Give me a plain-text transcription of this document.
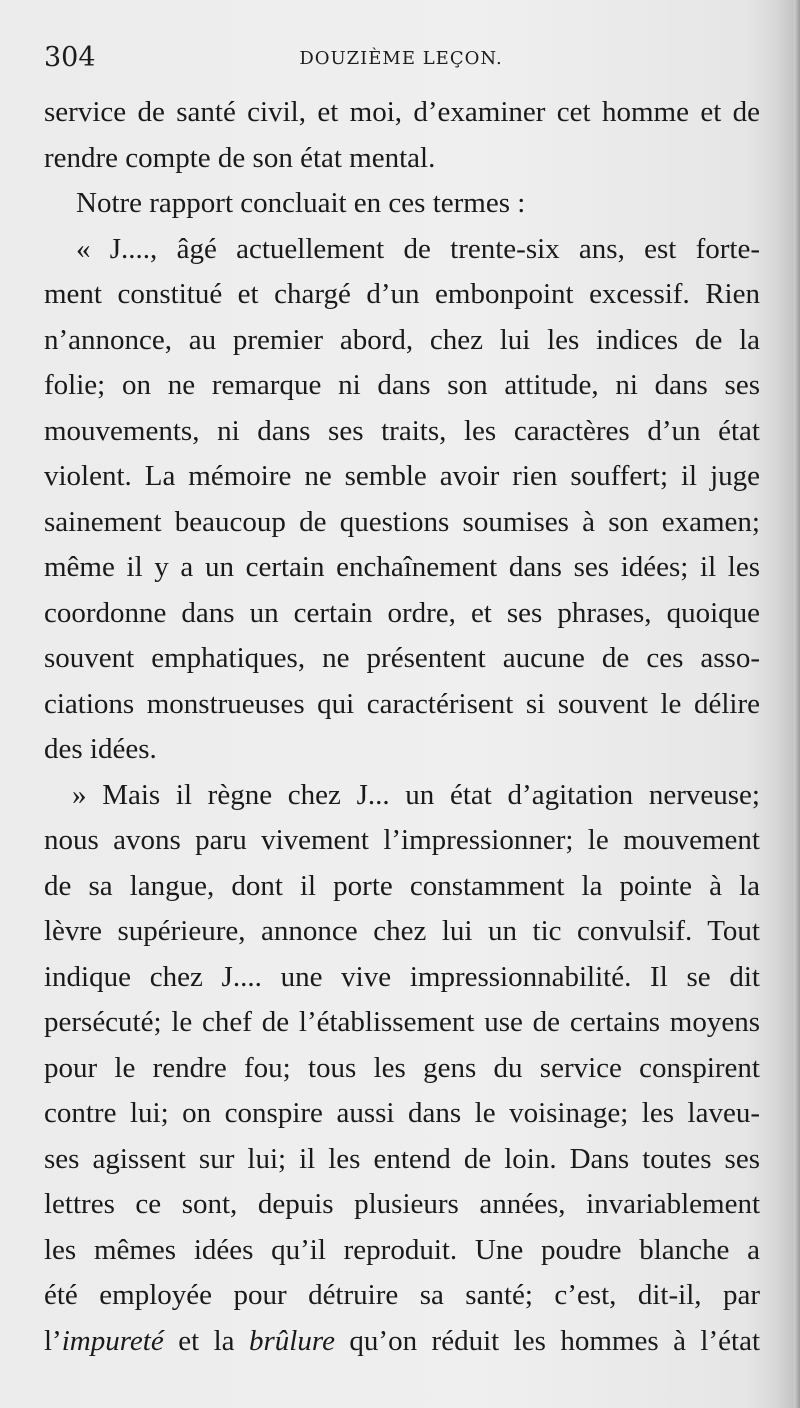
304	DOUZIÈME LEÇON.
service de santé civil, et moi, d’examiner cet homme et de
rendre compte de son état mental.
Notre rapport concluait en ces termes :
« J...., âgé actuellement de trente-six ans, est forte-
ment constitué et chargé d’un embonpoint excessif. Rien
n’annonce, au premier abord, chez lui les indices de la
folie; on ne remarque ni dans son attitude, ni dans ses
mouvements, ni dans ses traits, les caractères d’un état
violent. La mémoire ne semble avoir rien souffert; il juge
sainement beaucoup de questions soumises à son examen;
même il y a un certain enchaînement dans ses idées; il les
coordonne dans un certain ordre, et ses phrases, quoique
souvent emphatiques, ne présentent aucune de ces asso-
ciations monstrueuses qui caractérisent si souvent le délire
des idées.
» Mais il règne chez J... un état d’agitation nerveuse;
nous avons paru vivement l’impressionner; le mouvement
de sa langue, dont il porte constamment la pointe à la
lèvre supérieure, annonce chez lui un tic convulsif. Tout
indique chez J.... une vive impressionnabilité. Il se dit
persécuté; le chef de l’établissement use de certains moyens
pour le rendre fou; tous les gens du service conspirent
contre lui; on conspire aussi dans le voisinage; les laveu-
ses agissent sur lui; il les entend de loin. Dans toutes ses
lettres ce sont, depuis plusieurs années, invariablement
les mêmes idées qu’il reproduit. Une poudre blanche a
été employée pour détruire sa santé; c’est, dit-il, par
l’impureté et la brûlure qu’on réduit les hommes à l’état
